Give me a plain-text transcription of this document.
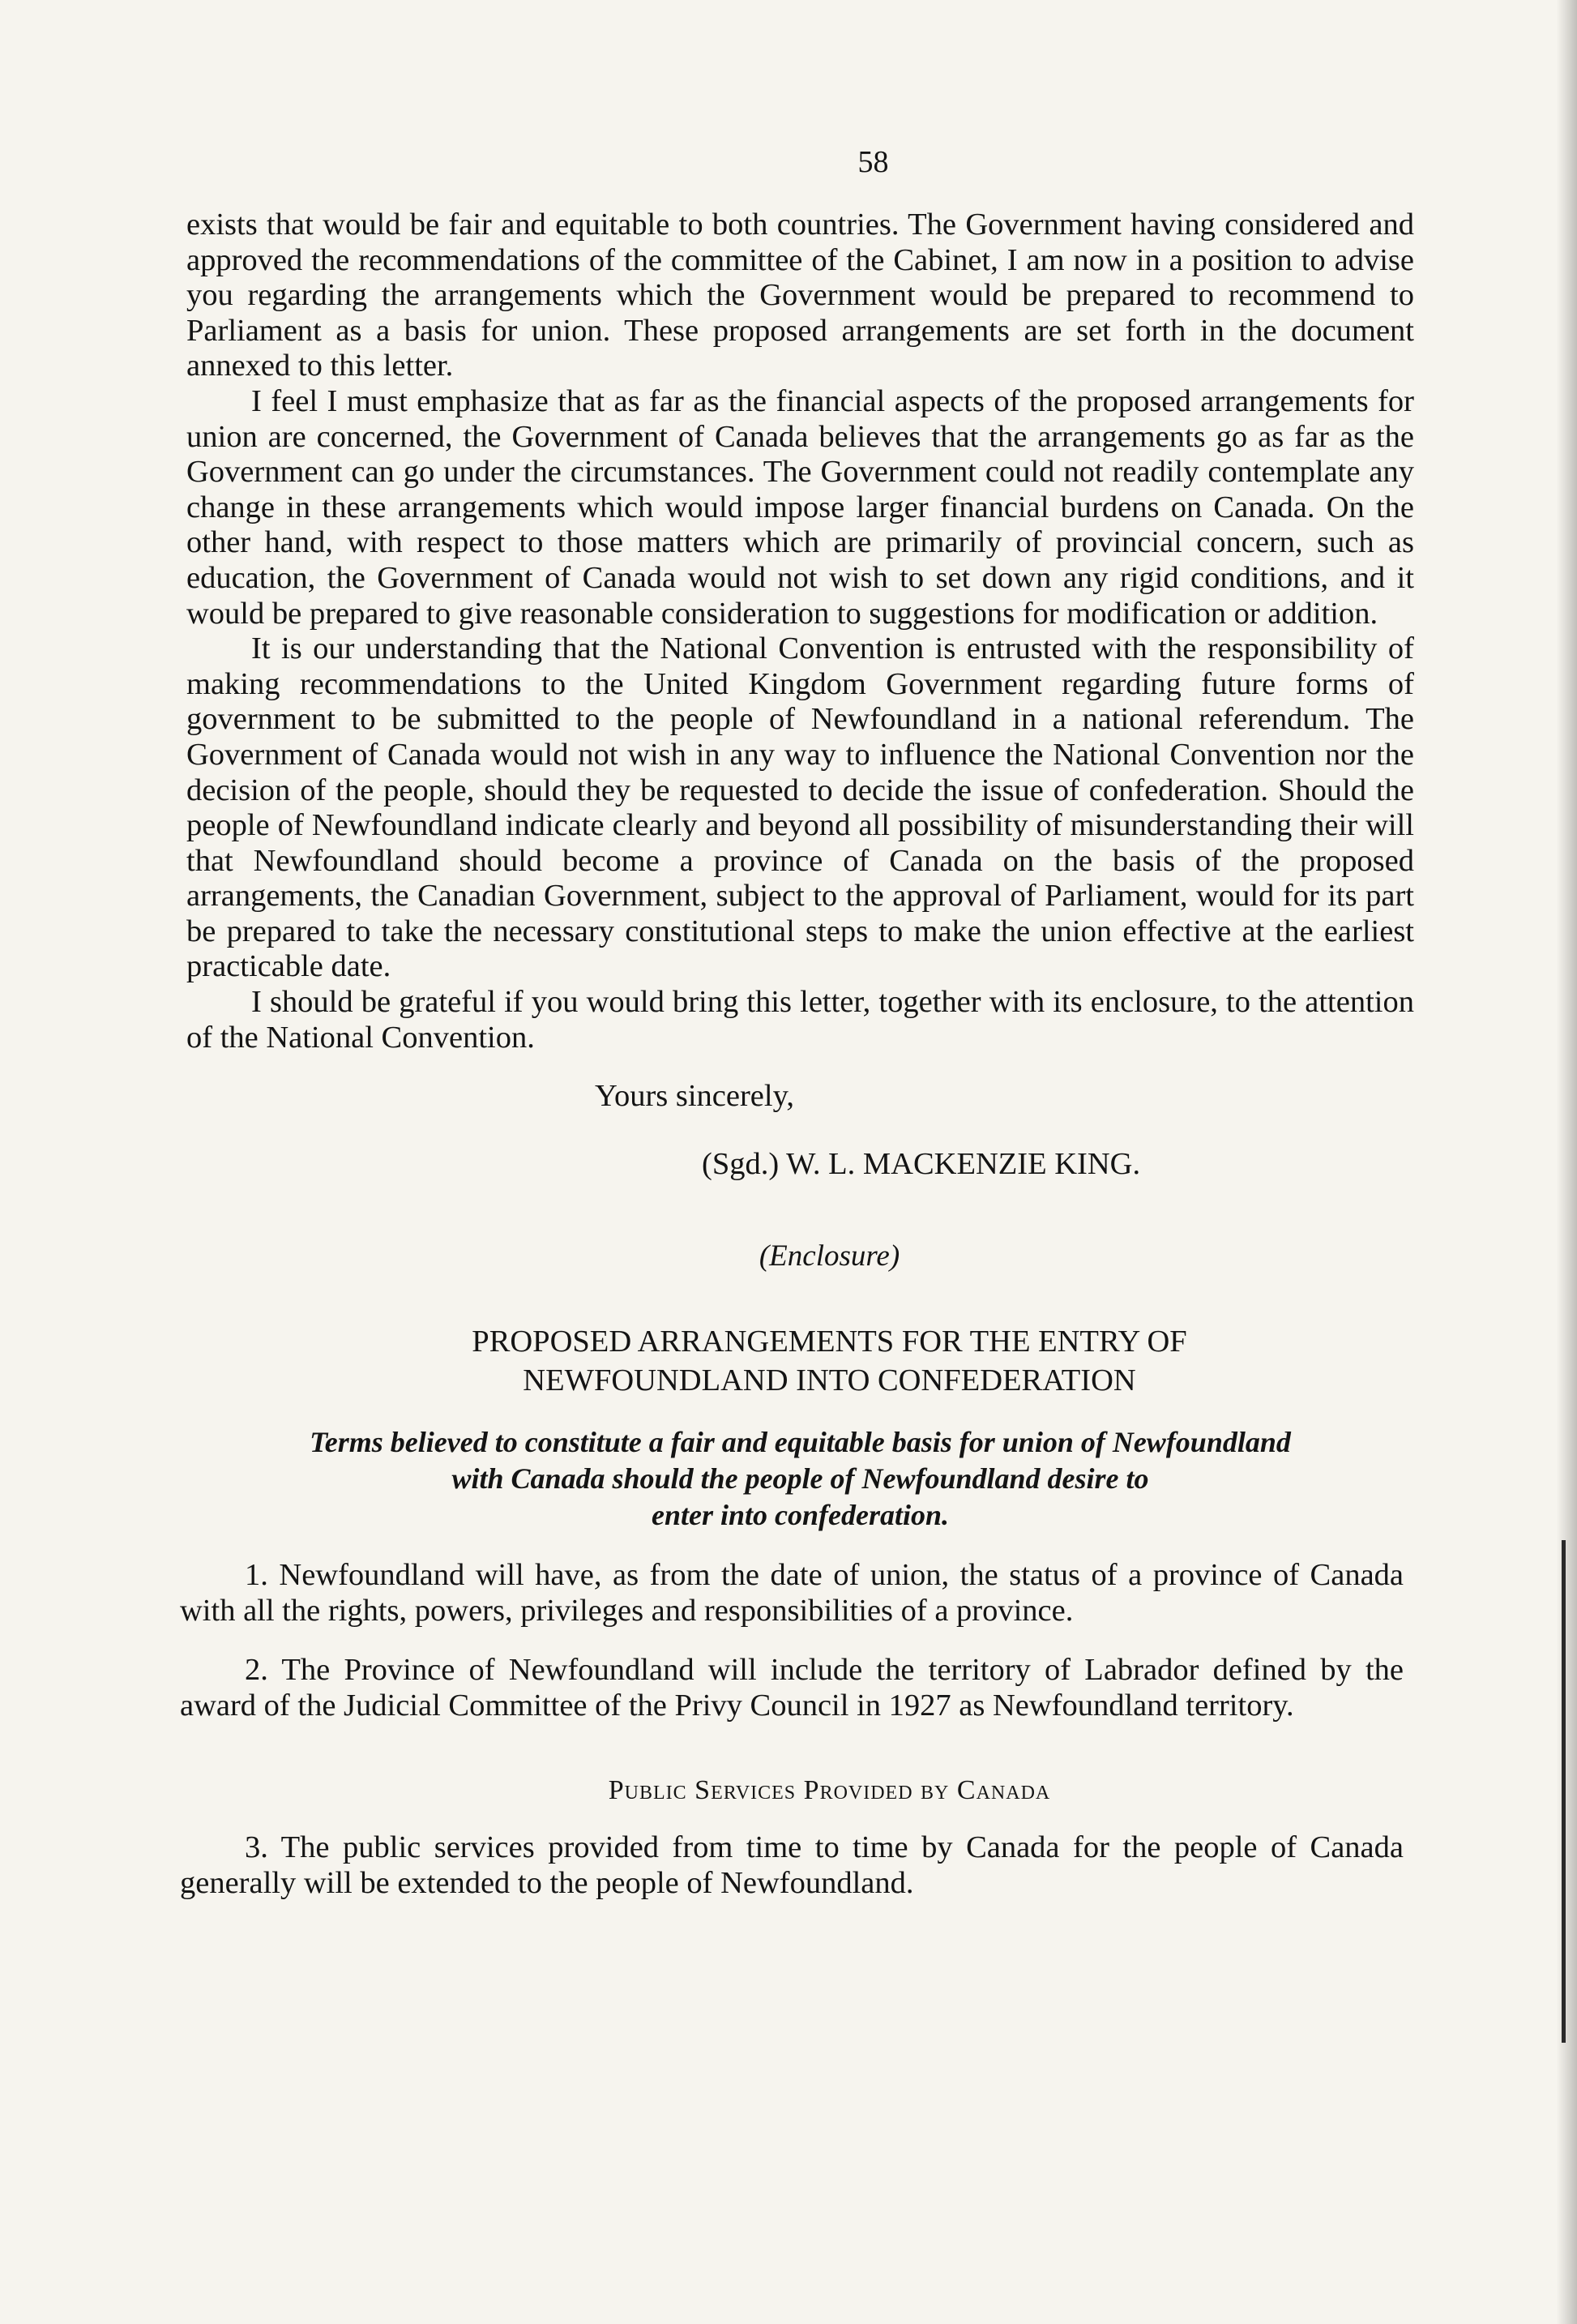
58

exists that would be fair and equitable to both countries. The Government having considered and approved the recommendations of the committee of the Cabinet, I am now in a position to advise you regarding the arrangements which the Government would be prepared to recommend to Parliament as a basis for union. These proposed arrangements are set forth in the document annexed to this letter.

I feel I must emphasize that as far as the financial aspects of the proposed arrangements for union are concerned, the Government of Canada believes that the arrangements go as far as the Government can go under the circumstances. The Government could not readily contemplate any change in these arrangements which would impose larger financial burdens on Canada. On the other hand, with respect to those matters which are primarily of provincial concern, such as education, the Government of Canada would not wish to set down any rigid conditions, and it would be prepared to give reasonable consideration to suggestions for modification or addition.

It is our understanding that the National Convention is entrusted with the responsibility of making recommendations to the United Kingdom Government regarding future forms of government to be submitted to the people of Newfoundland in a national referendum. The Government of Canada would not wish in any way to influence the National Convention nor the decision of the people, should they be requested to decide the issue of confederation. Should the people of Newfoundland indicate clearly and beyond all possibility of misunderstanding their will that Newfoundland should become a province of Canada on the basis of the proposed arrangements, the Canadian Government, subject to the approval of Parliament, would for its part be prepared to take the necessary constitutional steps to make the union effective at the earliest practicable date.

I should be grateful if you would bring this letter, together with its enclosure, to the attention of the National Convention.

Yours sincerely,
(Sgd.) W. L. MACKENZIE KING.
(Enclosure)
PROPOSED ARRANGEMENTS FOR THE ENTRY OF
NEWFOUNDLAND INTO CONFEDERATION
Terms believed to constitute a fair and equitable basis for union of Newfoundland
with Canada should the people of Newfoundland desire to
enter into confederation.

1. Newfoundland will have, as from the date of union, the status of a province of Canada with all the rights, powers, privileges and responsibilities of a province.

2. The Province of Newfoundland will include the territory of Labrador defined by the award of the Judicial Committee of the Privy Council in 1927 as Newfoundland territory.

Public Services Provided by Canada

3. The public services provided from time to time by Canada for the people of Canada generally will be extended to the people of Newfoundland.
